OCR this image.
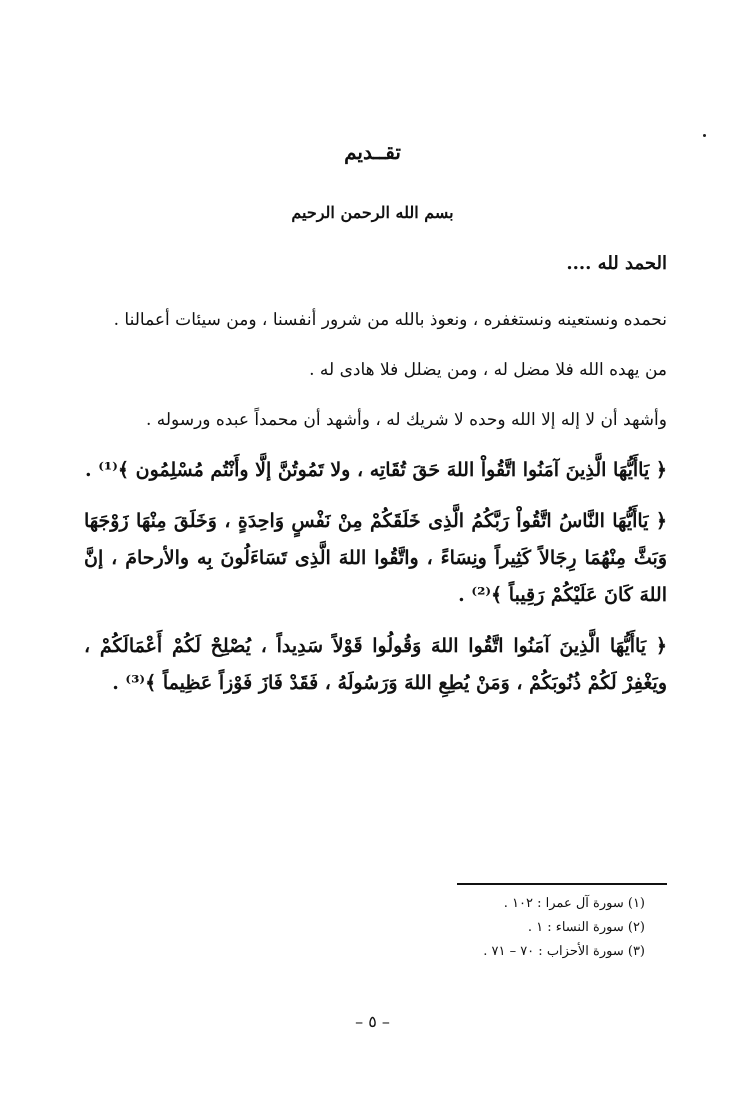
تقــديم
بسم الله الرحمن الرحيم
الحمد لله ....
نحمده ونستعينه ونستغفره ، ونعوذ بالله من شرور أنفسنا ، ومن سيئات أعمالنا .
من يهده الله فلا مضل له ، ومن يضلل فلا هادى له .
وأشهد أن لا إله إلا الله وحده لا شريك له ، وأشهد أن محمداً عبده ورسوله .
﴿ يَاأَيُّهَا الَّذِينَ آمَنُوا اتَّقُواْ اللهَ حَقَ تُقَاتِه ، ولا تَمُوتُنَّ إلَّا وأَنْتُم مُسْلِمُون ﴾⁽¹⁾ .
﴿ يَاأَيُّهَا النَّاسُ اتَّقُواْ رَبَّكُمُ الَّذِى خَلَقَكُمْ مِنْ نَفْسٍ وَاحِدَةٍ ، وَخَلَقَ مِنْهَا زَوْجَهَا وَبَثَّ مِنْهُمَا رِجَالاً كَثِيراً ونِسَاءً ، واتَّقُوا اللهَ الَّذِى تَسَاءَلُونَ بِه والأرحامَ ، إنَّ اللهَ كَانَ عَلَيْكُمْ رَقِيباً ﴾⁽²⁾ .
﴿ يَاأَيُّهَا الَّذِينَ آمَنُوا اتَّقُوا اللهَ وَقُولُوا قَوْلاً سَدِيداً ، يُصْلِحْ لَكُمْ أَعْمَالَكُمْ ، ويَغْفِرْ لَكُمْ ذُنُوبَكُمْ ، وَمَنْ يُطِعِ اللهَ وَرَسُولَهُ ، فَقَدْ فَازَ فَوْزاً عَظِيماً ﴾⁽³⁾ .
(١) سورة آل عمرا : ١٠٢ .
(٢) سورة النساء : ١ .
(٣) سورة الأحزاب : ٧٠ – ٧١ .
– ٥ –
